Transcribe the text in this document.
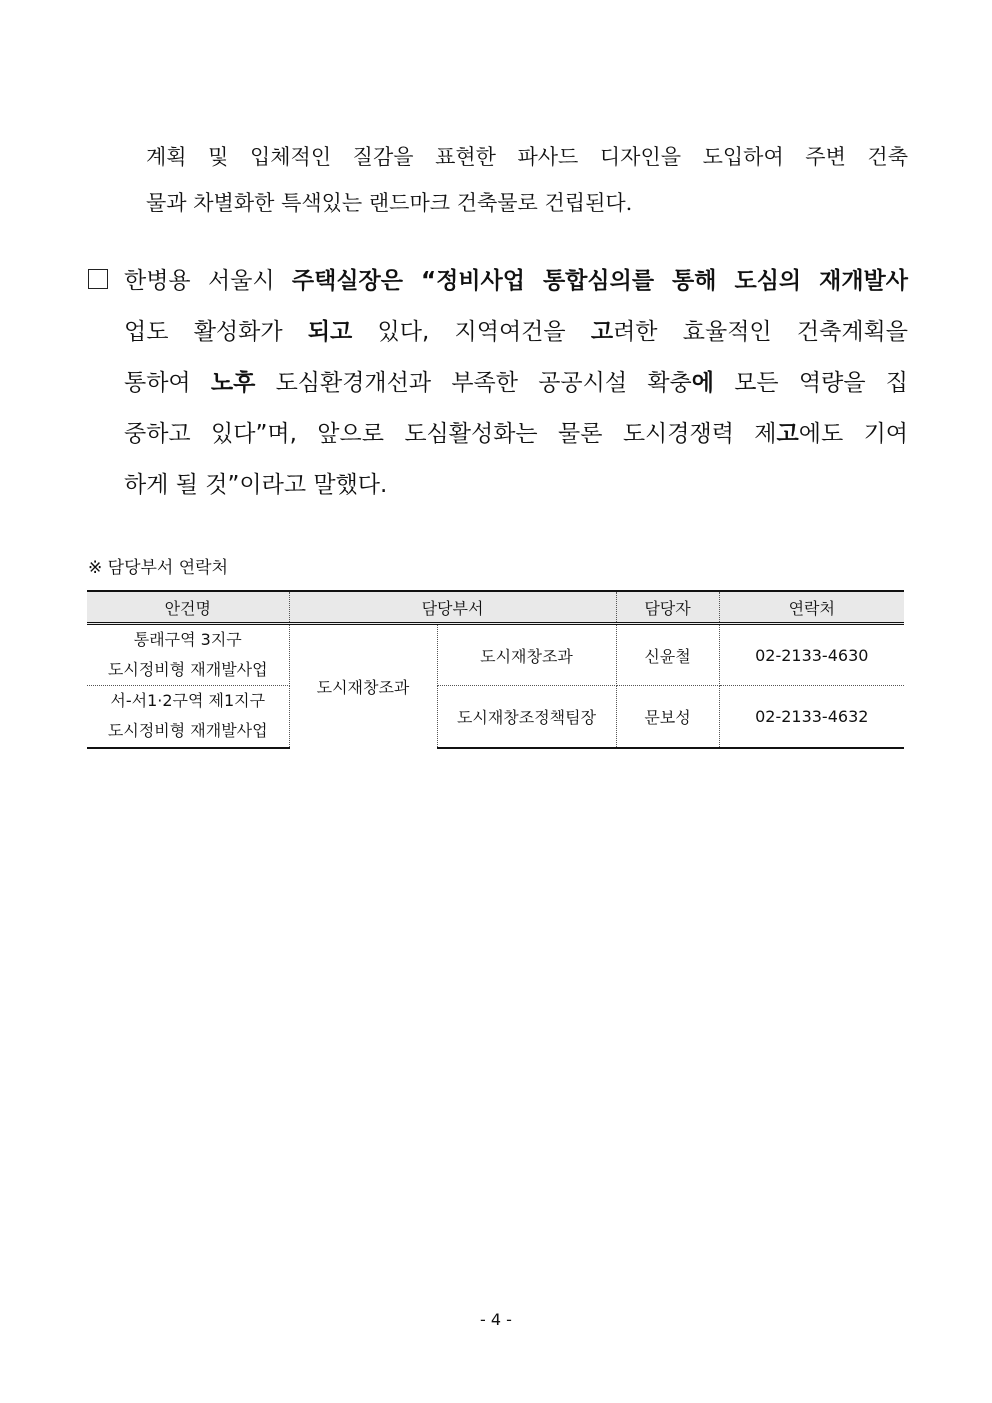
계획 및 입체적인 질감을 표현한 파사드 디자인을 도입하여 주변 건축
물과 차별화한 특색있는 랜드마크 건축물로 건립된다.
한병용 서울시 주택실장은 “정비사업 통합심의를 통해 도심의 재개발사
업도 활성화가 되고 있다, 지역여건을 고려한 효율적인 건축계획을
통하여 노후 도심환경개선과 부족한 공공시설 확충에 모든 역량을 집
중하고 있다”며, 앞으로 도심활성화는 물론 도시경쟁력 제고에도 기여
하게 될 것”이라고 말했다.
※ 담당부서 연락처
안건명	담당부서		담당자	연락처

통래구역 3지구
도시정비형 재개발사업	도시재창조과	도시재창조과	신윤철	02-2133-4630

서-서1·2구역 제1지구
도시정비형 재개발사업		도시재창조정책팀장	문보성	02-2133-4632
- 4 -
